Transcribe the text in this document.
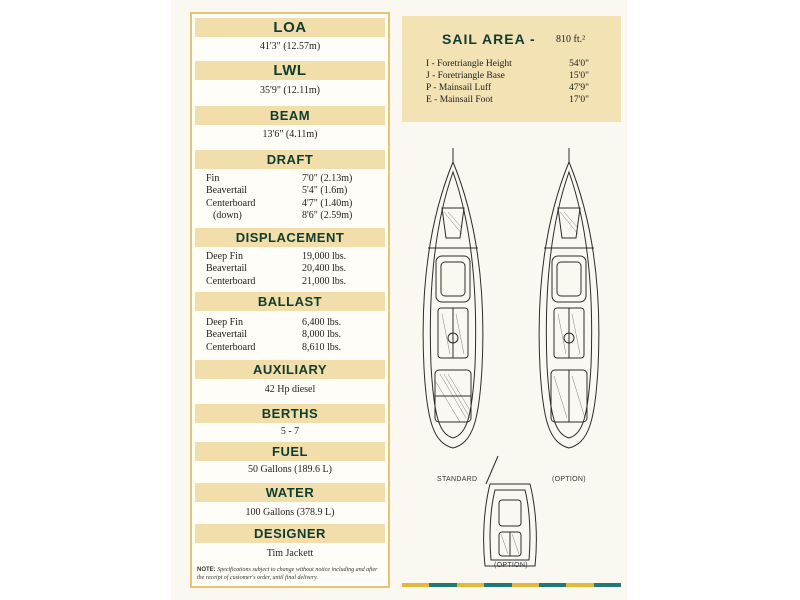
LOA
41'3" (12.57m)
LWL
35'9" (12.11m)
BEAM
13'6" (4.11m)
DRAFT
Fin	7'0" (2.13m)
Beavertail	5'4" (1.6m)
Centerboard	4'7" (1.40m)
(down)	8'6" (2.59m)
DISPLACEMENT
Deep Fin	19,000 lbs.
Beavertail	20,400 lbs.
Centerboard	21,000 lbs.
BALLAST
Deep Fin	6,400 lbs.
Beavertail	8,000 lbs.
Centerboard	8,610 lbs.
AUXILIARY
42 Hp diesel
BERTHS
5 - 7
FUEL
50 Gallons (189.6 L)
WATER
100 Gallons (378.9 L)
DESIGNER
Tim Jackett
NOTE: Specifications subject to change without notice including and after the receipt of customer's order, until final delivery.
SAIL AREA - 810 ft.²
I - Foretriangle Height	54'0"
J - Foretriangle Base	15'0"
P - Mainsail Luff	47'9"
E - Mainsail Foot	17'0"
STANDARD	(OPTION)
(OPTION)
